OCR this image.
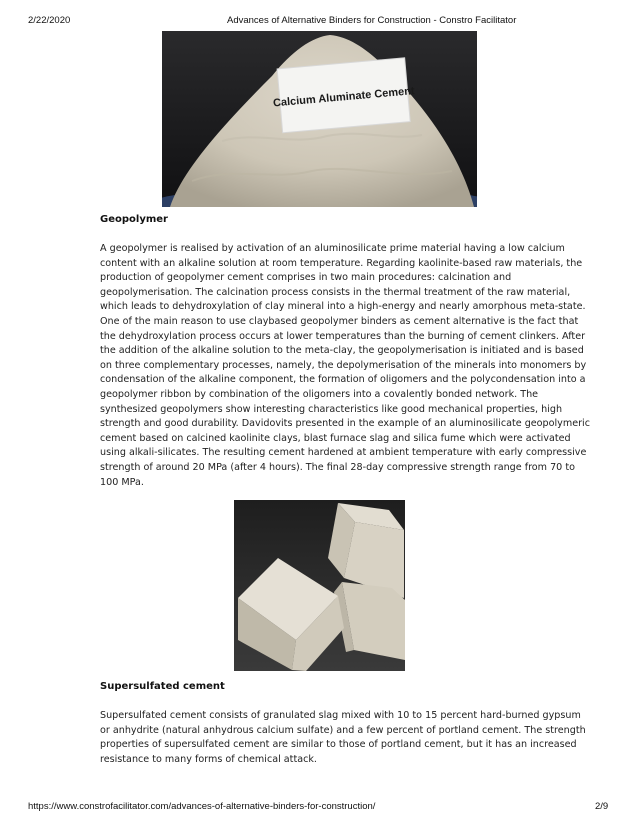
2/22/2020	Advances of Alternative Binders for Construction - Constro Facilitator
Calcium Aluminate Cement
Geopolymer
A geopolymer is realised by activation of an aluminosilicate prime material having a low calcium
content with an alkaline solution at room temperature. Regarding kaolinite-based raw materials, the
production of geopolymer cement comprises in two main procedures: calcination and
geopolymerisation. The calcination process consists in the thermal treatment of the raw material,
which leads to dehydroxylation of clay mineral into a high-energy and nearly amorphous meta-state.
One of the main reason to use claybased geopolymer binders as cement alternative is the fact that
the dehydroxylation process occurs at lower temperatures than the burning of cement clinkers. After
the addition of the alkaline solution to the meta-clay, the geopolymerisation is initiated and is based
on three complementary processes, namely, the depolymerisation of the minerals into monomers by
condensation of the alkaline component, the formation of oligomers and the polycondensation into a
geopolymer ribbon by combination of the oligomers into a covalently bonded network. The
synthesized geopolymers show interesting characteristics like good mechanical properties, high
strength and good durability. Davidovits presented in the example of an aluminosilicate geopolymeric
cement based on calcined kaolinite clays, blast furnace slag and silica fume which were activated
using alkali-silicates. The resulting cement hardened at ambient temperature with early compressive
strength of around 20 MPa (after 4 hours). The final 28-day compressive strength range from 70 to
100 MPa.
Supersulfated cement
Supersulfated cement consists of granulated slag mixed with 10 to 15 percent hard-burned gypsum
or anhydrite (natural anhydrous calcium sulfate) and a few percent of portland cement. The strength
properties of supersulfated cement are similar to those of portland cement, but it has an increased
resistance to many forms of chemical attack.
https://www.constrofacilitator.com/advances-of-alternative-binders-for-construction/	2/9
